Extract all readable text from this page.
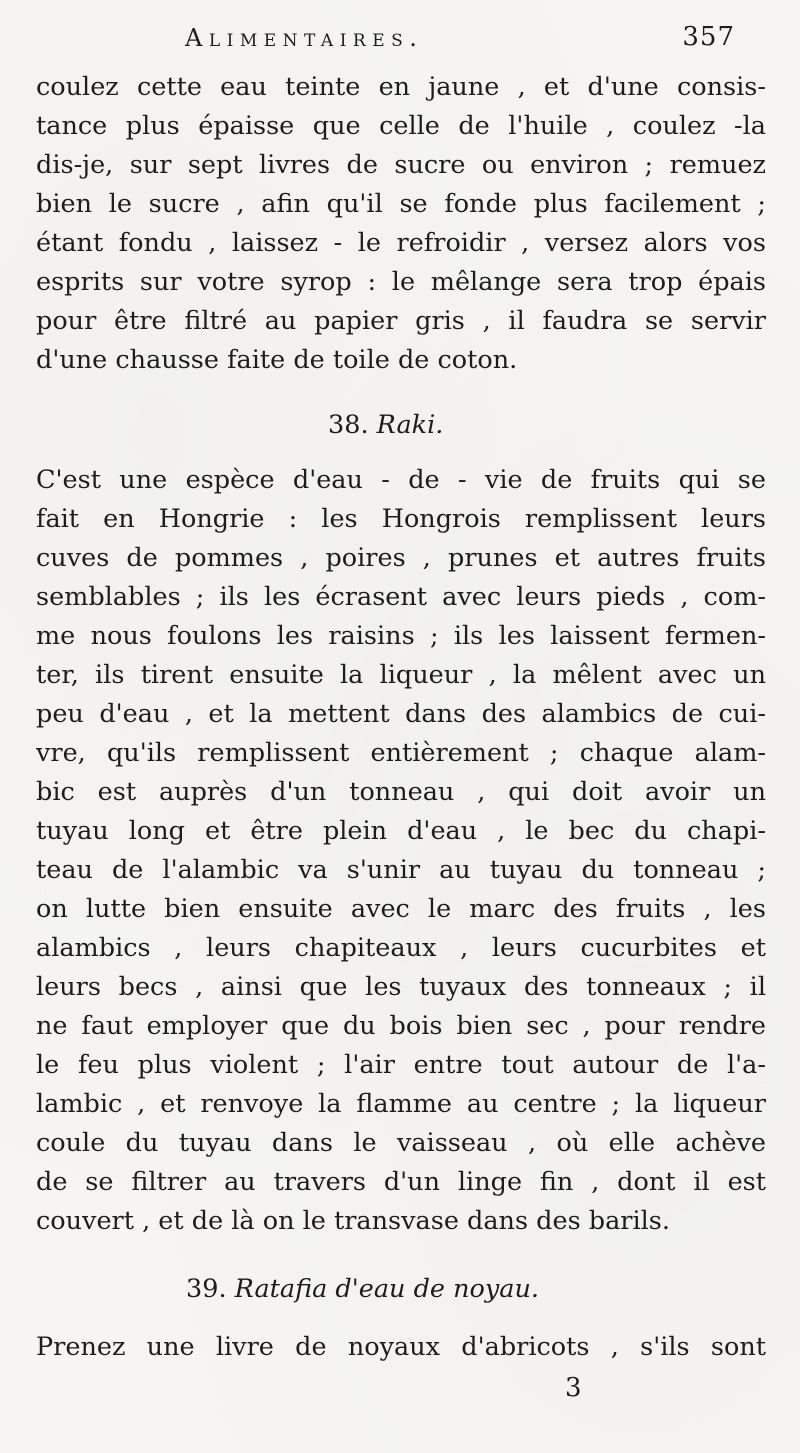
Alimentaires.	357
coulez cette eau teinte en jaune , et d'une consis-
tance plus épaisse que celle de l'huile , coulez -la
dis-je, sur sept livres de sucre ou environ ; remuez
bien le sucre , afin qu'il se fonde plus facilement ;
étant fondu , laissez - le refroidir , versez alors vos
esprits sur votre syrop : le mêlange sera trop épais
pour être filtré au papier gris , il faudra se servir
d'une chausse faite de toile de coton.
38. Raki.
C'est une espèce d'eau - de - vie de fruits qui se
fait en Hongrie : les Hongrois remplissent leurs
cuves de pommes , poires , prunes et autres fruits
semblables ; ils les écrasent avec leurs pieds , com-
me nous foulons les raisins ; ils les laissent fermen-
ter, ils tirent ensuite la liqueur , la mêlent avec un
peu d'eau , et la mettent dans des alambics de cui-
vre, qu'ils remplissent entièrement ; chaque alam-
bic est auprès d'un tonneau , qui doit avoir un
tuyau long et être plein d'eau , le bec du chapi-
teau de l'alambic va s'unir au tuyau du tonneau ;
on lutte bien ensuite avec le marc des fruits , les
alambics , leurs chapiteaux , leurs cucurbites et
leurs becs , ainsi que les tuyaux des tonneaux ; il
ne faut employer que du bois bien sec , pour rendre
le feu plus violent ; l'air entre tout autour de l'a-
lambic , et renvoye la flamme au centre ; la liqueur
coule du tuyau dans le vaisseau , où elle achève
de se filtrer au travers d'un linge fin , dont il est
couvert , et de là on le transvase dans des barils.
39. Ratafia d'eau de noyau.
Prenez une livre de noyaux d'abricots , s'ils sont
3
